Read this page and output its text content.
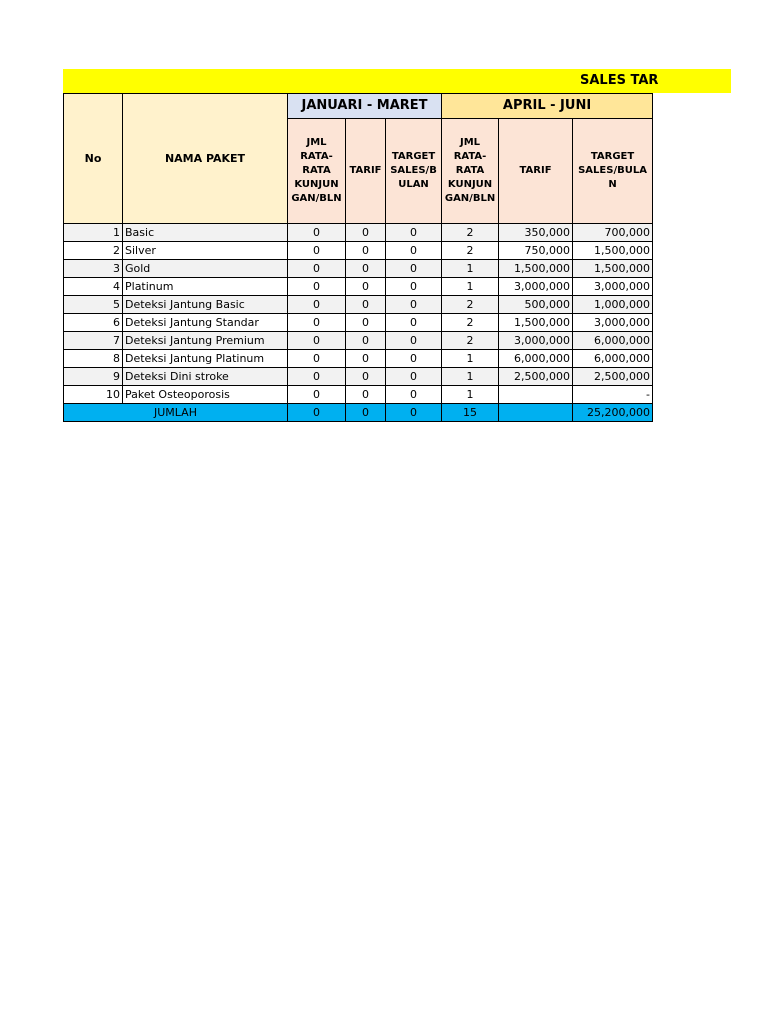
SALES TAR
No	NAMA PAKET	JANUARI - MARET			APRIL - JUNI		
		JML RATA-RATA KUNJUN GAN/BLN	TARIF	TARGET SALES/B ULAN	JML RATA-RATA KUNJUN GAN/BLN	TARIF	TARGET SALES/BULA N
1	Basic	0	0	0	2	350,000	700,000
2	Silver	0	0	0	2	750,000	1,500,000
3	Gold	0	0	0	1	1,500,000	1,500,000
4	Platinum	0	0	0	1	3,000,000	3,000,000
5	Deteksi Jantung Basic	0	0	0	2	500,000	1,000,000
6	Deteksi Jantung Standar	0	0	0	2	1,500,000	3,000,000
7	Deteksi Jantung Premium	0	0	0	2	3,000,000	6,000,000
8	Deteksi Jantung Platinum	0	0	0	1	6,000,000	6,000,000
9	Deteksi Dini stroke	0	0	0	1	2,500,000	2,500,000
10	Paket Osteoporosis	0	0	0	1		-
JUMLAH		0	0	0	15		25,200,000
